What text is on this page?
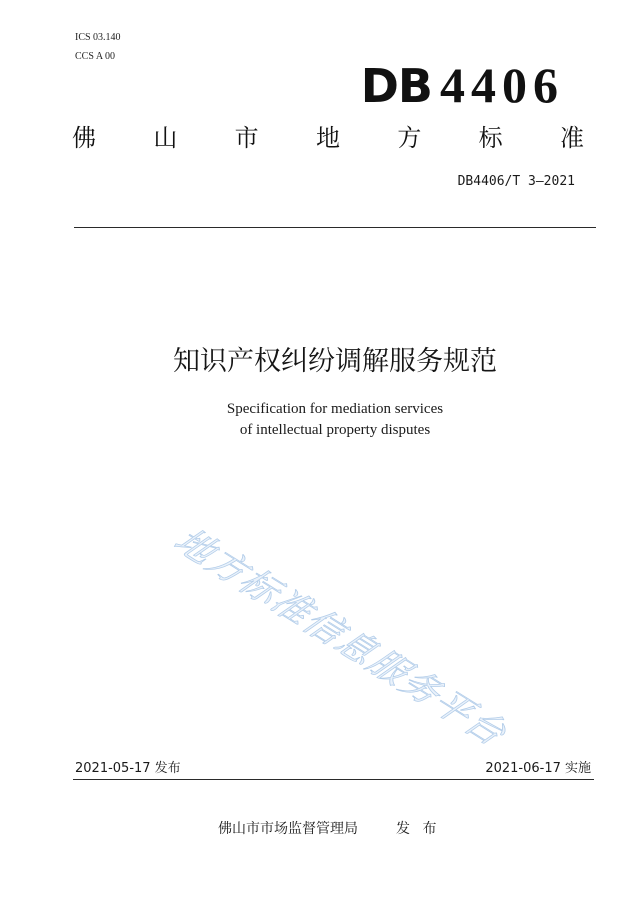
ICS 03.140
CCS A 00
DB 4406
佛 山 市 地 方 标 准
DB4406/T 3—2021
知识产权纠纷调解服务规范
Specification for mediation services
of intellectual property disputes
地方标准信息服务平台
2021-05-17 发布	2021-06-17 实施
佛山市市场监督管理局	发 布
